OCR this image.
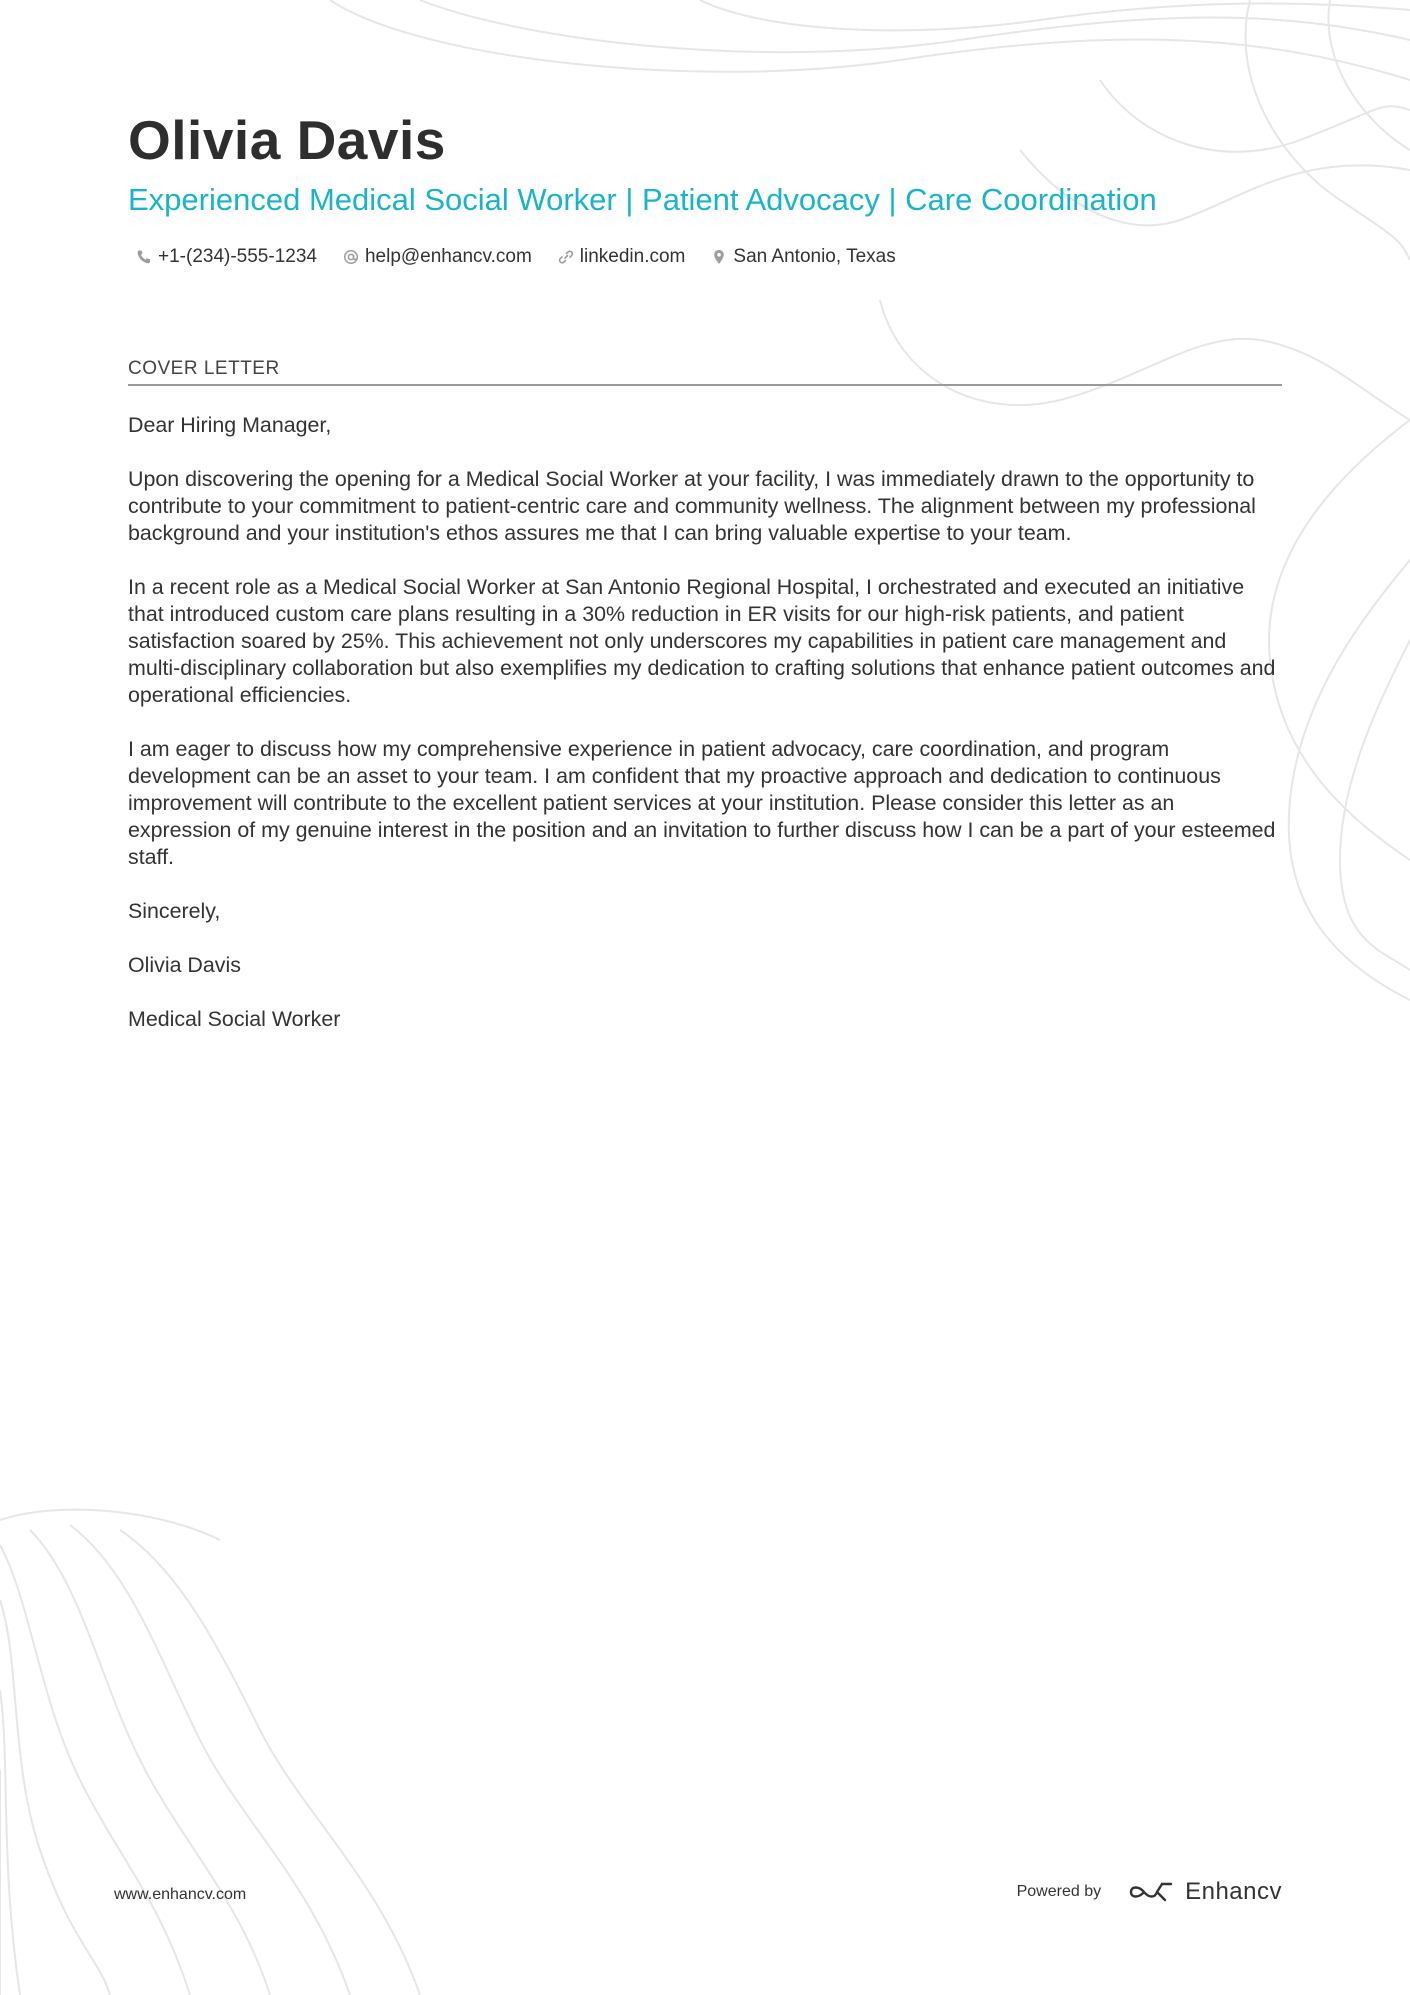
Olivia Davis
Experienced Medical Social Worker | Patient Advocacy | Care Coordination
+1-(234)-555-1234	help@enhancv.com	linkedin.com	San Antonio, Texas
COVER LETTER

Dear Hiring Manager,

Upon discovering the opening for a Medical Social Worker at your facility, I was immediately drawn to the opportunity to contribute to your commitment to patient-centric care and community wellness. The alignment between my professional background and your institution's ethos assures me that I can bring valuable expertise to your team.

In a recent role as a Medical Social Worker at San Antonio Regional Hospital, I orchestrated and executed an initiative that introduced custom care plans resulting in a 30% reduction in ER visits for our high-risk patients, and patient satisfaction soared by 25%. This achievement not only underscores my capabilities in patient care management and multi-disciplinary collaboration but also exemplifies my dedication to crafting solutions that enhance patient outcomes and operational efficiencies.

I am eager to discuss how my comprehensive experience in patient advocacy, care coordination, and program development can be an asset to your team. I am confident that my proactive approach and dedication to continuous improvement will contribute to the excellent patient services at your institution. Please consider this letter as an expression of my genuine interest in the position and an invitation to further discuss how I can be a part of your esteemed staff.

Sincerely,

Olivia Davis

Medical Social Worker

www.enhancv.com	Powered by	Enhancv
